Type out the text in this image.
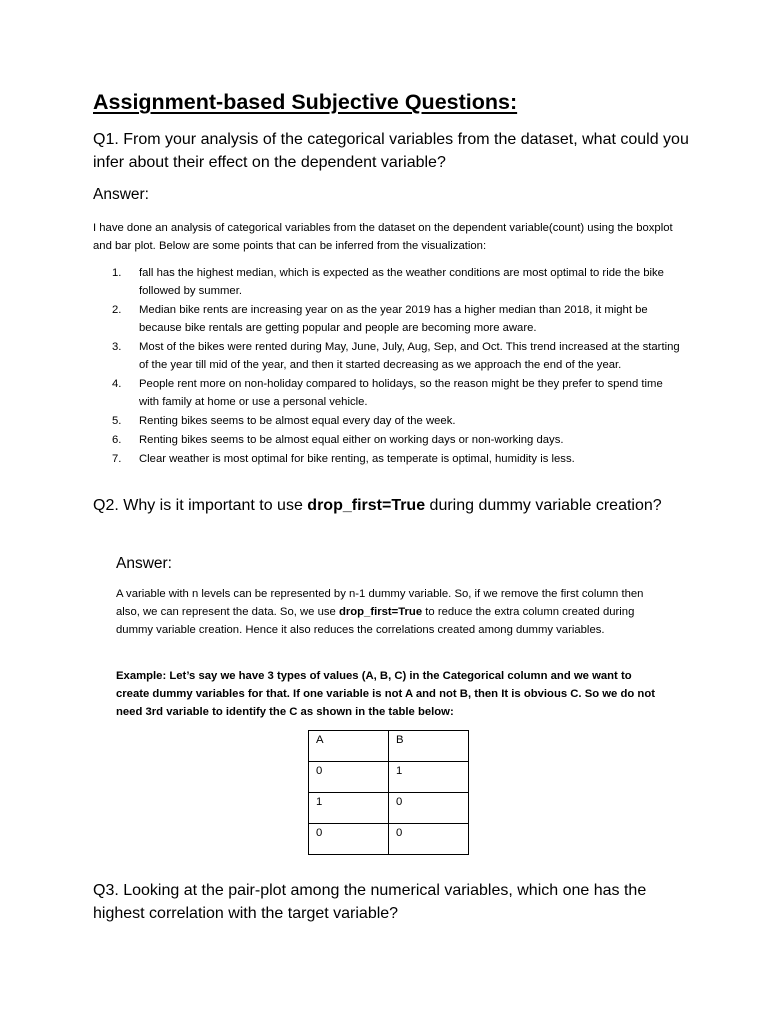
Assignment-based Subjective Questions:
Q1. From your analysis of the categorical variables from the dataset, what could you infer about their effect on the dependent variable?
Answer:

I have done an analysis of categorical variables from the dataset on the dependent variable(count) using the boxplot and bar plot. Below are some points that can be inferred from the visualization:

1. fall has the highest median, which is expected as the weather conditions are most optimal to ride the bike followed by summer.
2. Median bike rents are increasing year on as the year 2019 has a higher median than 2018, it might be because bike rentals are getting popular and people are becoming more aware.
3. Most of the bikes were rented during May, June, July, Aug, Sep, and Oct. This trend increased at the starting of the year till mid of the year, and then it started decreasing as we approach the end of the year.
4. People rent more on non-holiday compared to holidays, so the reason might be they prefer to spend time with family at home or use a personal vehicle.
5. Renting bikes seems to be almost equal every day of the week.
6. Renting bikes seems to be almost equal either on working days or non-working days.
7. Clear weather is most optimal for bike renting, as temperate is optimal, humidity is less.
Q2. Why is it important to use drop_first=True during dummy variable creation?
Answer:

A variable with n levels can be represented by n-1 dummy variable. So, if we remove the first column then also, we can represent the data. So, we use drop_first=True to reduce the extra column created during dummy variable creation. Hence it also reduces the correlations created among dummy variables.

Example: Let’s say we have 3 types of values (A, B, C) in the Categorical column and we want to create dummy variables for that. If one variable is not A and not B, then It is obvious C. So we do not need 3rd variable to identify the C as shown in the table below:

A	B
0	1
1	0
0	0
Q3. Looking at the pair-plot among the numerical variables, which one has the highest correlation with the target variable?
